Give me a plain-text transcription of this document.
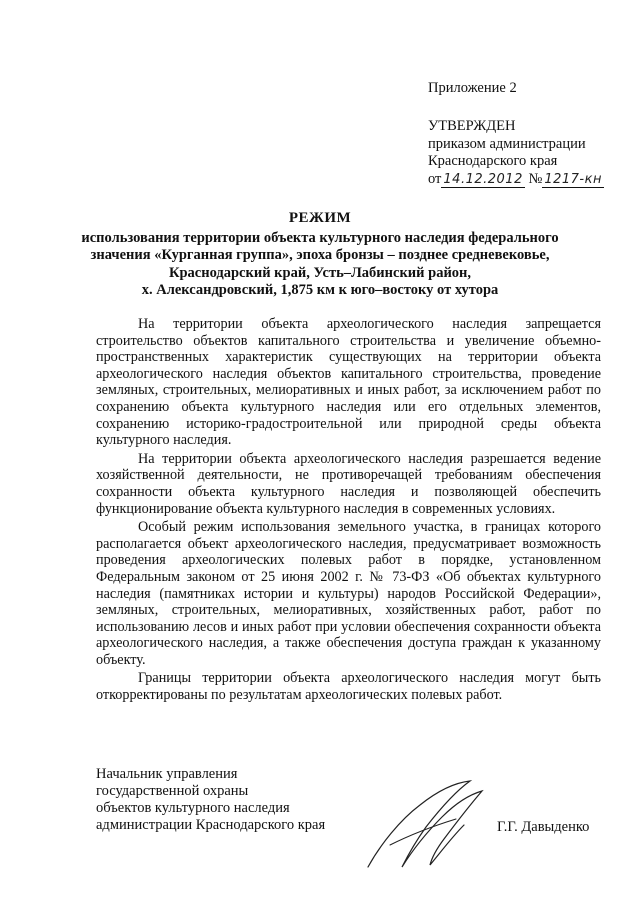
Приложение 2
УТВЕРЖДЕН
приказом администрации
Краснодарского края
от 14.12.2012 № 1217-кн
РЕЖИМ
использования территории объекта культурного наследия федерального
значения «Курганная группа», эпоха бронзы – позднее средневековье,
Краснодарский край, Усть–Лабинский район,
х. Александровский, 1,875 км к юго–востоку от хутора

На территории объекта археологического наследия запрещается строительство объектов капитального строительства и увеличение объемно-пространственных характеристик существующих на территории объекта археологического наследия объектов капитального строительства, проведение земляных, строительных, мелиоративных и иных работ, за исключением работ по сохранению объекта культурного наследия или его отдельных элементов, сохранению историко-градостроительной или природной среды объекта культурного наследия.

На территории объекта археологического наследия разрешается ведение хозяйственной деятельности, не противоречащей требованиям обеспечения сохранности объекта культурного наследия и позволяющей обеспечить функционирование объекта культурного наследия в современных условиях.

Особый режим использования земельного участка, в границах которого располагается объект археологического наследия, предусматривает возможность проведения археологических полевых работ в порядке, установленном Федеральным законом от 25 июня 2002 г. № 73-ФЗ «Об объектах культурного наследия (памятниках истории и культуры) народов Российской Федерации», земляных, строительных, мелиоративных, хозяйственных работ, работ по использованию лесов и иных работ при условии обеспечения сохранности объекта археологического наследия, а также обеспечения доступа граждан к указанному объекту.

Границы территории объекта археологического наследия могут быть откорректированы по результатам археологических полевых работ.

Начальник управления
государственной охраны
объектов культурного наследия
администрации Краснодарского края	Г.Г. Давыденко
